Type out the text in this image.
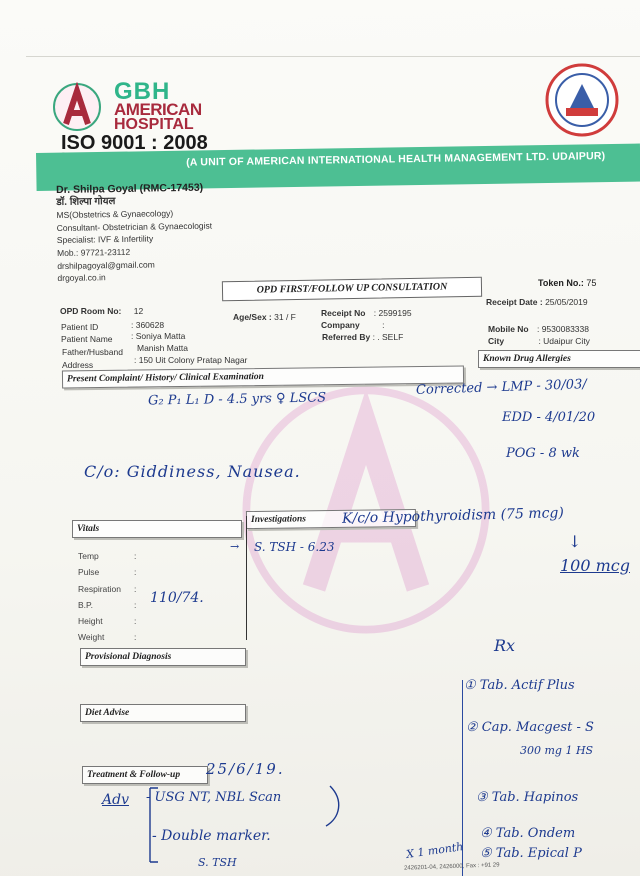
GBH
AMERICAN
HOSPITAL
ISO 9001 : 2008
(A UNIT OF AMERICAN INTERNATIONAL HEALTH MANAGEMENT LTD. UDAIPUR)
Dr. Shilpa Goyal (RMC-17453)
डॉ. शिल्पा गोयल
MS(Obstetrics & Gynaecology)
Consultant- Obstetrician & Gynaecologist
Specialist: IVF & Infertility
Mob.: 97721-23112
drshilpagoyal@gmail.com
drgoyal.co.in	Token No.: 75
OPD FIRST/FOLLOW UP CONSULTATION
Receipt Date : 25/05/2019
OPD Room No: 12
Patient ID	: 360628
Patient Name : Soniya Matta
Father/Husband Manish Matta
Address	: 150 Uit Colony Pratap Nagar
Age/Sex : 31 / F	Receipt No : 2599195
Company	:
Referred By : . SELF
Mobile No : 9530083338
City	: Udaipur City
Known Drug Allergies
Present Complaint/ History/ Clinical Examination
Vitals
Temp	:
Pulse	:
Respiration :
B.P.	:
Height	:
Weight	:
Investigations
Provisional Diagnosis
Diet Advise
Treatment & Follow-up
G₂ P₁ L₁ D - 4.5 yrs ♀ LSCS
Corrected → LMP - 30/03/
EDD - 4/01/20
POG - 8 wk
C/o: Giddiness, Nausea.
110/74.
→ S. TSH - 6.23
K/c/o Hypothyroidism (75 mcg)
↓
100 mcg
Rx
25/6/19.
Adv - USG NT, NBL Scan
- Double marker.
S. TSH
X 1 month
① Tab. Actif Plus
② Cap. Macgest - S
300 mg 1 HS
③ Tab. Hapinos
④ Tab. Ondem
⑤ Tab. Epical P
2426201-04, 2426000, Fax : +91 29
